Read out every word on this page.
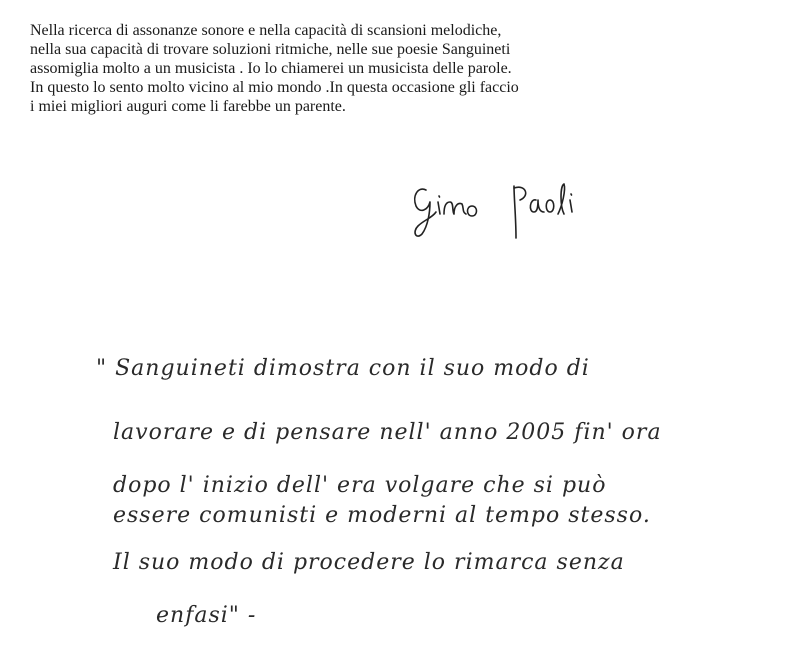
Nella ricerca di assonanze sonore e nella capacità di scansioni melodiche,
nella sua capacità di trovare soluzioni ritmiche, nelle sue poesie Sanguineti
assomiglia molto a un musicista . Io lo chiamerei un musicista delle parole.
In questo lo sento molto vicino al mio mondo .In questa occasione gli faccio
i miei migliori auguri come li farebbe un parente.
" Sanguineti dimostra con il suo modo di
lavorare e di pensare nell' anno 2005 fin' ora
dopo l' inizio dell' era volgare che si può
essere comunisti e moderni al tempo stesso.
Il suo modo di procedere lo rimarca senza
enfasi" -
